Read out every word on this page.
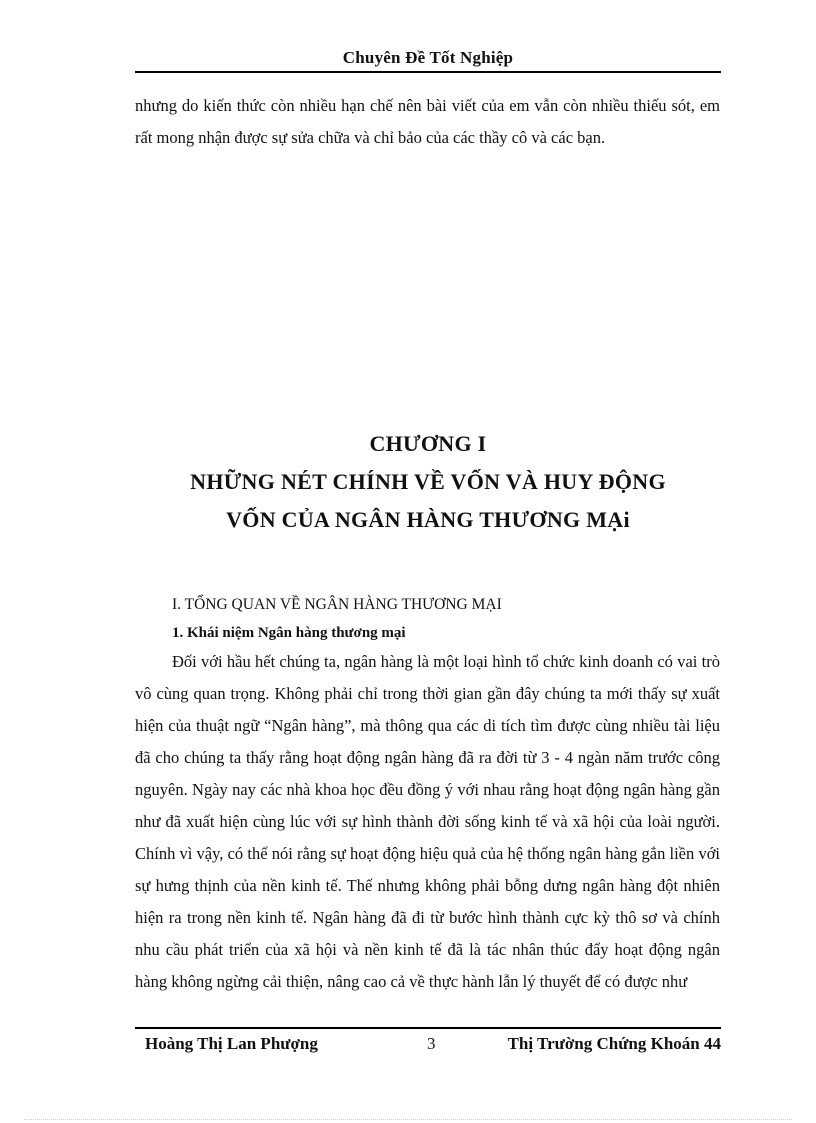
Chuyên Đề Tốt Nghiệp
nhưng do kiến thức còn nhiều hạn chế nên bài viết của em vẫn còn nhiều thiếu sót, em rất mong nhận được sự sửa chữa và chỉ bảo của các thầy cô và các bạn.
CHƯƠNG I
NHỮNG NÉT CHÍNH VỀ VỐN VÀ HUY ĐỘNG
VỐN CỦA NGÂN HÀNG THƯƠNG MẠi
I. TỔNG QUAN VỀ NGÂN HÀNG THƯƠNG MẠI
1. Khái niệm Ngân hàng thương mại
Đối với hầu hết chúng ta, ngân hàng là một loại hình tổ chức kinh doanh có vai trò vô cùng quan trọng. Không phải chỉ trong thời gian gần đây chúng ta mới thấy sự xuất hiện của thuật ngữ “Ngân hàng”, mà thông qua các di tích tìm được cùng nhiều tài liệu đã cho chúng ta thấy rằng hoạt động ngân hàng đã ra đời từ 3 - 4 ngàn năm trước công nguyên. Ngày nay các nhà khoa học đều đồng ý với nhau rằng hoạt động ngân hàng gần như đã xuất hiện cùng lúc với sự hình thành đời sống kinh tế và xã hội của loài người. Chính vì vậy, có thể nói rằng sự hoạt động hiệu quả của hệ thống ngân hàng gắn liền với sự hưng thịnh của nền kinh tế. Thế nhưng không phải bỗng dưng ngân hàng đột nhiên hiện ra trong nền kinh tế. Ngân hàng đã đi từ bước hình thành cực kỳ thô sơ và chính nhu cầu phát triển của xã hội và nền kinh tế đã là tác nhân thúc đẩy hoạt động ngân hàng không ngừng cải thiện, nâng cao cả về thực hành lẫn lý thuyết để có được như
Hoàng Thị Lan Phượng	3	Thị Trường Chứng Khoán 44
